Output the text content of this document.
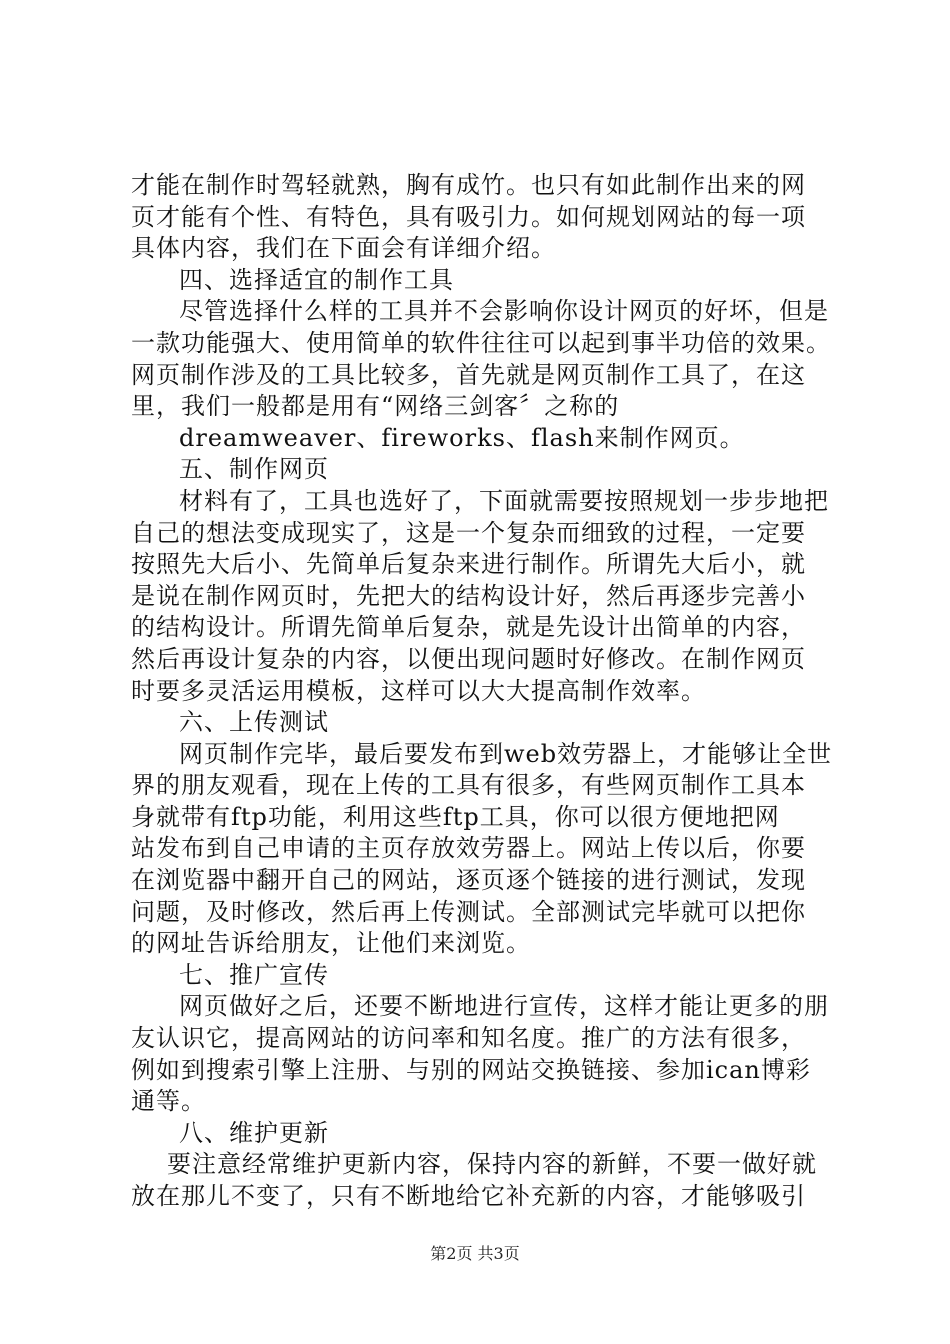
才能在制作时驾轻就熟，胸有成竹。也只有如此制作出来的网
页才能有个性、有特色，具有吸引力。如何规划网站的每一项
具体内容，我们在下面会有详细介绍。
四、选择适宜的制作工具
尽管选择什么样的工具并不会影响你设计网页的好坏，但是
一款功能强大、使用简单的软件往往可以起到事半功倍的效果。
网页制作涉及的工具比较多，首先就是网页制作工具了，在这
里，我们一般都是用有“网络三剑客〞之称的
dreamweaver、fireworks、flash来制作网页。
五、制作网页
材料有了，工具也选好了，下面就需要按照规划一步步地把
自己的想法变成现实了，这是一个复杂而细致的过程，一定要
按照先大后小、先简单后复杂来进行制作。所谓先大后小，就
是说在制作网页时，先把大的结构设计好，然后再逐步完善小
的结构设计。所谓先简单后复杂，就是先设计出简单的内容，
然后再设计复杂的内容，以便出现问题时好修改。在制作网页
时要多灵活运用模板，这样可以大大提高制作效率。
六、上传测试
网页制作完毕，最后要发布到web效劳器上，才能够让全世
界的朋友观看，现在上传的工具有很多，有些网页制作工具本
身就带有ftp功能，利用这些ftp工具，你可以很方便地把网
站发布到自己申请的主页存放效劳器上。网站上传以后，你要
在浏览器中翻开自己的网站，逐页逐个链接的进行测试，发现
问题，及时修改，然后再上传测试。全部测试完毕就可以把你
的网址告诉给朋友，让他们来浏览。
七、推广宣传
网页做好之后，还要不断地进行宣传，这样才能让更多的朋
友认识它，提高网站的访问率和知名度。推广的方法有很多，
例如到搜索引擎上注册、与别的网站交换链接、参加ican博彩
通等。
八、维护更新
要注意经常维护更新内容，保持内容的新鲜，不要一做好就
放在那儿不变了，只有不断地给它补充新的内容，才能够吸引
第2页 共3页
